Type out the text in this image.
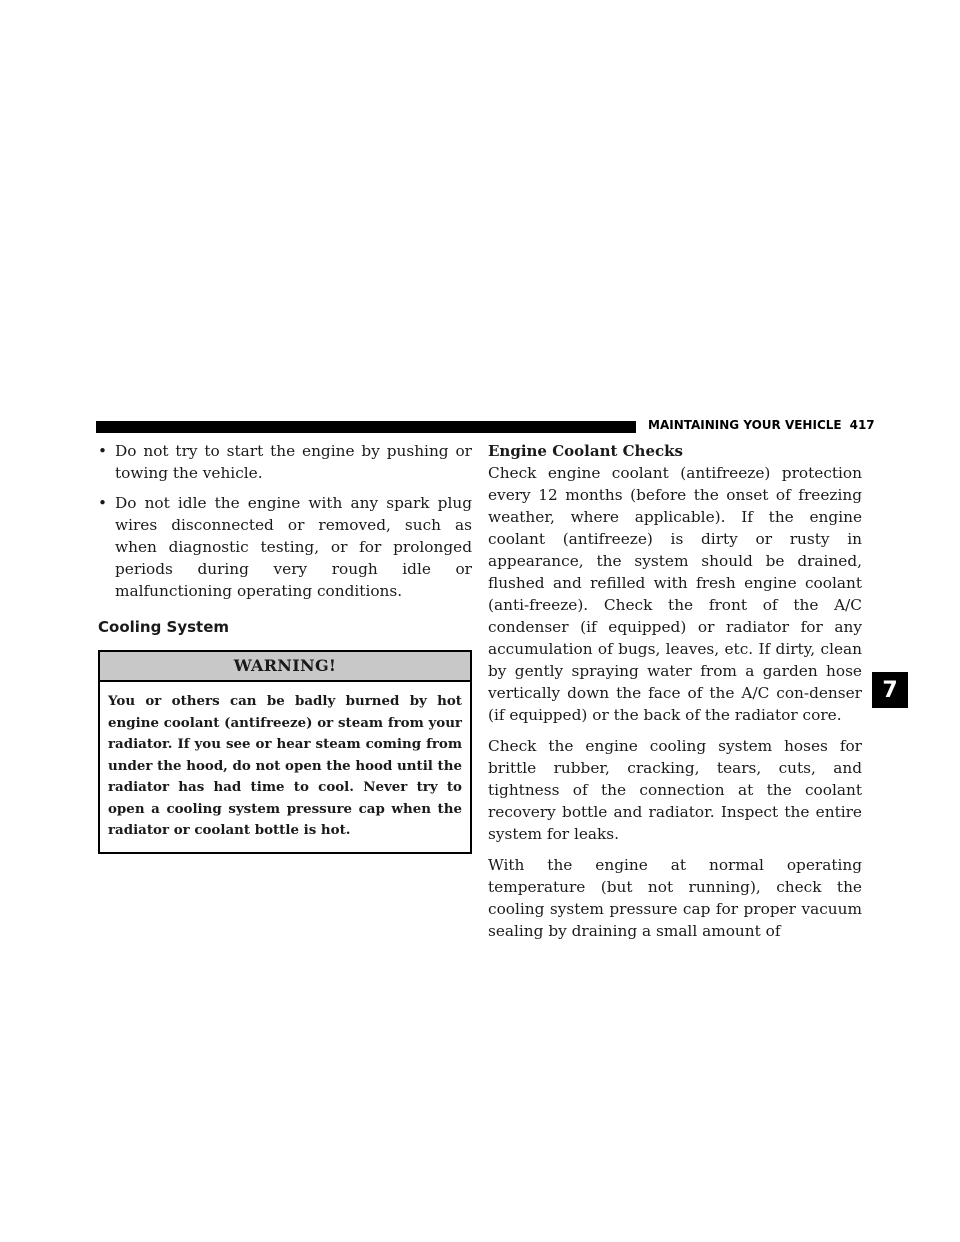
MAINTAINING YOUR VEHICLE 417
• Do not try to start the engine by pushing or towing the vehicle.
• Do not idle the engine with any spark plug wires disconnected or removed, such as when diagnostic testing, or for prolonged periods during very rough idle or malfunctioning operating conditions.
Cooling System
WARNING!
You or others can be badly burned by hot engine coolant (antifreeze) or steam from your radiator. If you see or hear steam coming from under the hood, do not open the hood until the radiator has had time to cool. Never try to open a cooling system pressure cap when the radiator or coolant bottle is hot.
Engine Coolant Checks

Check engine coolant (antifreeze) protection every 12 months (before the onset of freezing weather, where applicable). If the engine coolant (antifreeze) is dirty or rusty in appearance, the system should be drained, flushed and refilled with fresh engine coolant (anti-freeze). Check the front of the A/C condenser (if equipped) or radiator for any accumulation of bugs, leaves, etc. If dirty, clean by gently spraying water from a garden hose vertically down the face of the A/C con-denser (if equipped) or the back of the radiator core.

Check the engine cooling system hoses for brittle rubber, cracking, tears, cuts, and tightness of the connection at the coolant recovery bottle and radiator. Inspect the entire system for leaks.

With the engine at normal operating temperature (but not running), check the cooling system pressure cap for proper vacuum sealing by draining a small amount of

7
